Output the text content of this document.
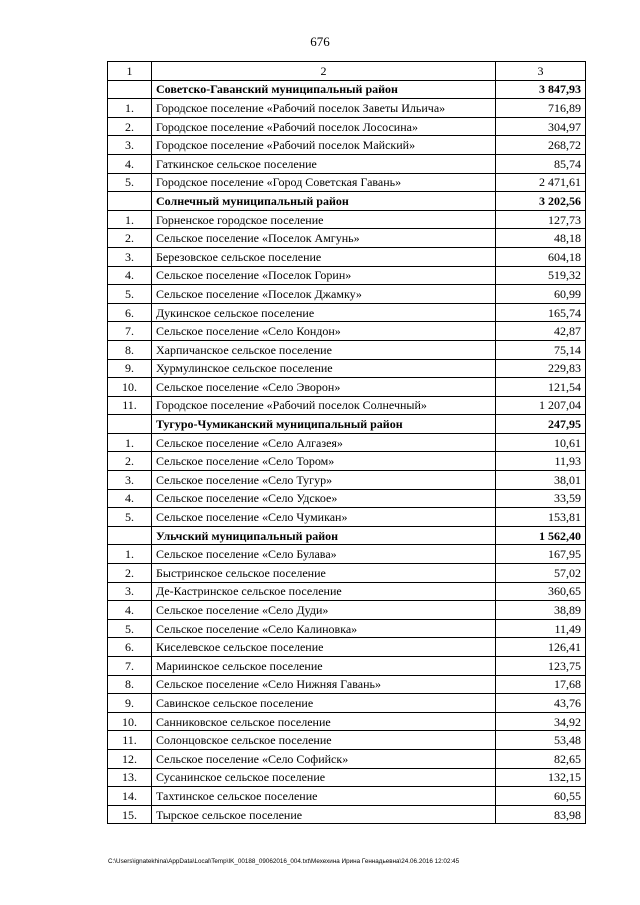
676
1	2	3
	Советско-Гаванский муниципальный район	3 847,93
1.	Городское поселение «Рабочий поселок Заветы Ильича»	716,89
2.	Городское поселение «Рабочий поселок Лососина»	304,97
3.	Городское поселение «Рабочий поселок Майский»	268,72
4.	Гаткинское сельское поселение	85,74
5.	Городское поселение «Город Советская Гавань»	2 471,61
	Солнечный муниципальный район	3 202,56
1.	Горненское городское поселение	127,73
2.	Сельское поселение «Поселок Амгунь»	48,18
3.	Березовское сельское поселение	604,18
4.	Сельское поселение «Поселок Горин»	519,32
5.	Сельское поселение «Поселок Джамку»	60,99
6.	Дукинское сельское поселение	165,74
7.	Сельское поселение «Село Кондон»	42,87
8.	Харпичанское сельское поселение	75,14
9.	Хурмулинское сельское поселение	229,83
10.	Сельское поселение «Село Эворон»	121,54
11.	Городское поселение «Рабочий поселок Солнечный»	1 207,04
	Тугуро-Чумиканский муниципальный район	247,95
1.	Сельское поселение «Село Алгазея»	10,61
2.	Сельское поселение «Село Тором»	11,93
3.	Сельское поселение «Село Тугур»	38,01
4.	Сельское поселение «Село Удское»	33,59
5.	Сельское поселение «Село Чумикан»	153,81
	Ульчский муниципальный район	1 562,40
1.	Сельское поселение «Село Булава»	167,95
2.	Быстринское сельское поселение	57,02
3.	Де-Кастринское сельское поселение	360,65
4.	Сельское поселение «Село Дуди»	38,89
5.	Сельское поселение «Село Калиновка»	11,49
6.	Киселевское сельское поселение	126,41
7.	Мариинское сельское поселение	123,75
8.	Сельское поселение «Село Нижняя Гавань»	17,68
9.	Савинское сельское поселение	43,76
10.	Санниковское сельское поселение	34,92
11.	Солонцовское сельское поселение	53,48
12.	Сельское поселение «Село Софийск»	82,65
13.	Сусанинское сельское поселение	132,15
14.	Тахтинское сельское поселение	60,55
15.	Тырское сельское поселение	83,98
C:\Users\ignatekhina\AppData\Local\Temp\IK_00188_09062016_004.txt\Мехехина Ирина Геннадьевна\24.06.2016 12:02:45
